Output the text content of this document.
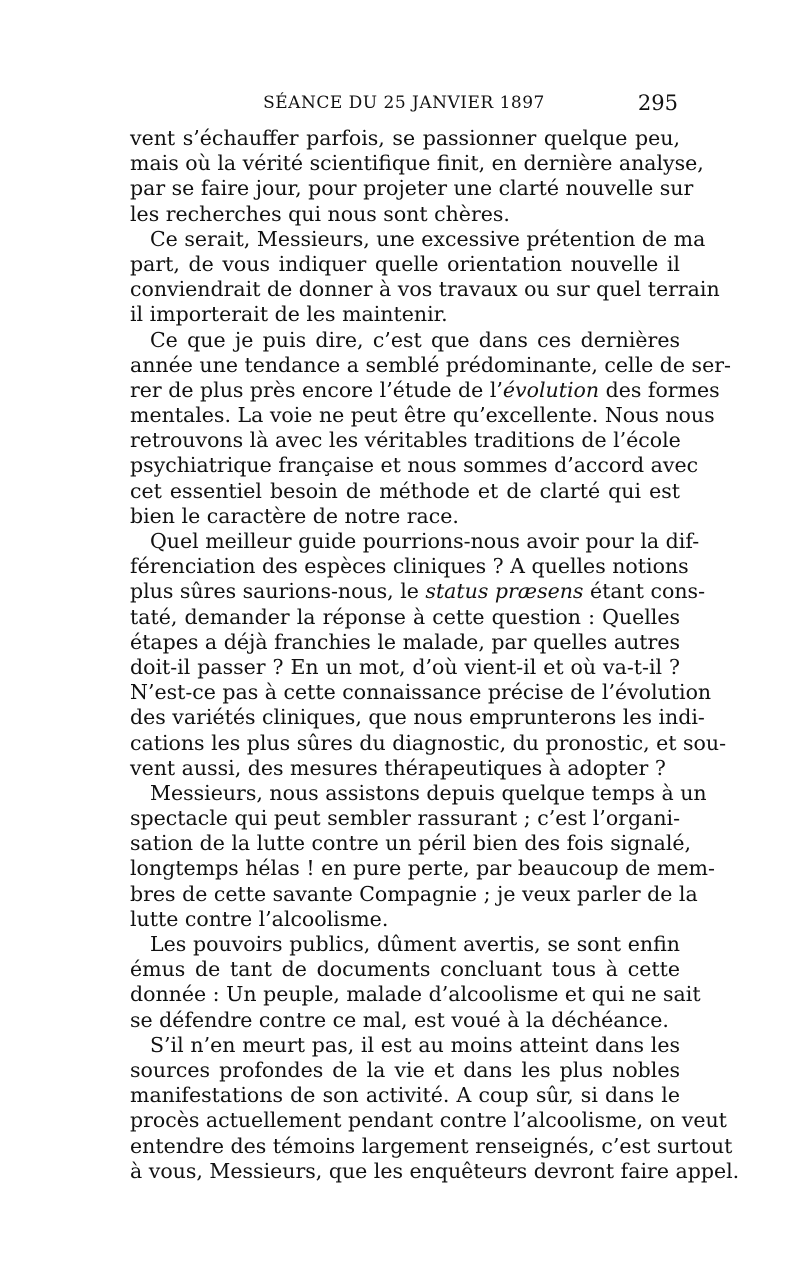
SÉANCE DU 25 JANVIER 1897	295
vent s’échauffer parfois, se passionner quelque peu,
mais où la vérité scientifique finit, en dernière analyse,
par se faire jour, pour projeter une clarté nouvelle sur
les recherches qui nous sont chères.
Ce serait, Messieurs, une excessive prétention de ma
part, de vous indiquer quelle orientation nouvelle il
conviendrait de donner à vos travaux ou sur quel terrain
il importerait de les maintenir.
Ce que je puis dire, c’est que dans ces dernières
année une tendance a semblé prédominante, celle de ser-
rer de plus près encore l’étude de l’évolution des formes
mentales. La voie ne peut être qu’excellente. Nous nous
retrouvons là avec les véritables traditions de l’école
psychiatrique française et nous sommes d’accord avec
cet essentiel besoin de méthode et de clarté qui est
bien le caractère de notre race.
Quel meilleur guide pourrions-nous avoir pour la dif-
férenciation des espèces cliniques ? A quelles notions
plus sûres saurions-nous, le status præsens étant cons-
taté, demander la réponse à cette question : Quelles
étapes a déjà franchies le malade, par quelles autres
doit-il passer ? En un mot, d’où vient-il et où va-t-il ?
N’est-ce pas à cette connaissance précise de l’évolution
des variétés cliniques, que nous emprunterons les indi-
cations les plus sûres du diagnostic, du pronostic, et sou-
vent aussi, des mesures thérapeutiques à adopter ?
Messieurs, nous assistons depuis quelque temps à un
spectacle qui peut sembler rassurant ; c’est l’organi-
sation de la lutte contre un péril bien des fois signalé,
longtemps hélas ! en pure perte, par beaucoup de mem-
bres de cette savante Compagnie ; je veux parler de la
lutte contre l’alcoolisme.
Les pouvoirs publics, dûment avertis, se sont enfin
émus de tant de documents concluant tous à cette
donnée : Un peuple, malade d’alcoolisme et qui ne sait
se défendre contre ce mal, est voué à la déchéance.
S’il n’en meurt pas, il est au moins atteint dans les
sources profondes de la vie et dans les plus nobles
manifestations de son activité. A coup sûr, si dans le
procès actuellement pendant contre l’alcoolisme, on veut
entendre des témoins largement renseignés, c’est surtout
à vous, Messieurs, que les enquêteurs devront faire appel.
